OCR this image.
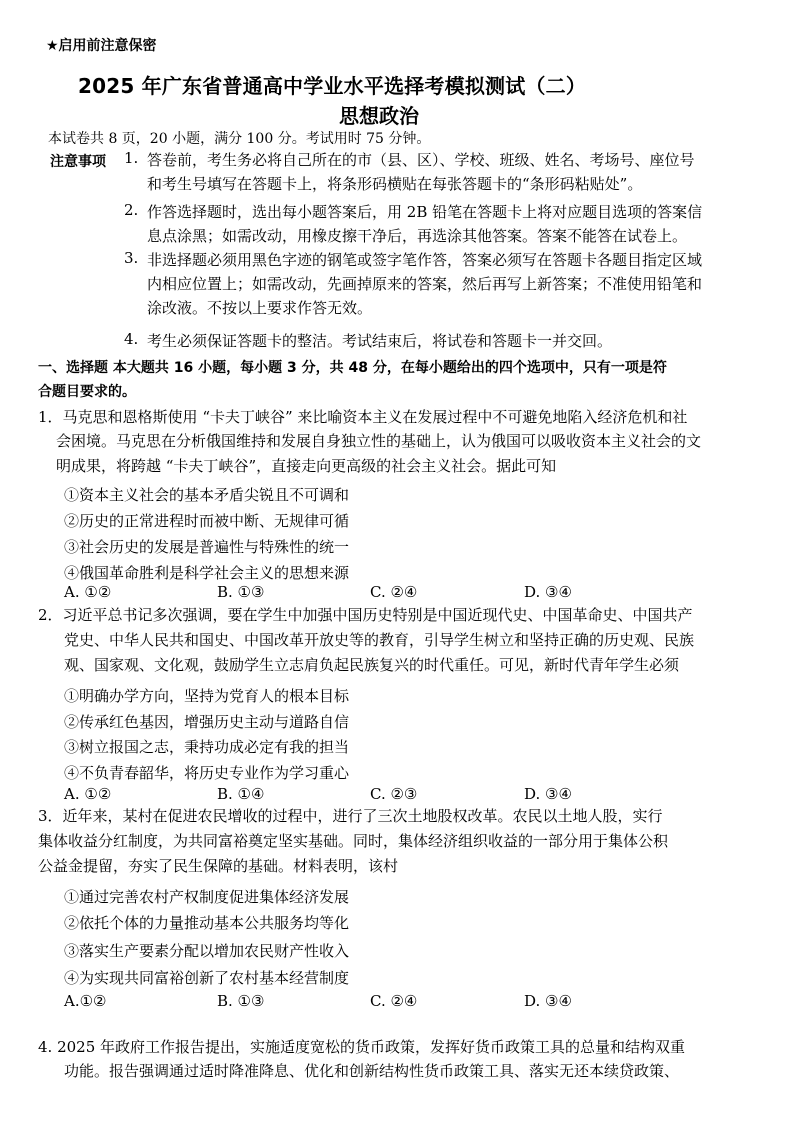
★启用前注意保密
2025 年广东省普通高中学业水平选择考模拟测试（二）
思想政治
本试卷共 8 页，20 小题，满分 100 分。考试用时 75 分钟。
注意事项 1. 答卷前，考生务必将自己所在的市（县、区）、学校、班级、姓名、考场号、座位号
和考生号填写在答题卡上，将条形码横贴在每张答题卡的“条形码粘贴处”。
2. 作答选择题时，选出每小题答案后，用 2B 铅笔在答题卡上将对应题目选项的答案信
息点涂黑；如需改动，用橡皮擦干净后，再选涂其他答案。答案不能答在试卷上。
3. 非选择题必须用黑色字迹的钢笔或签字笔作答，答案必须写在答题卡各题目指定区域
内相应位置上；如需改动，先画掉原来的答案，然后再写上新答案；不准使用铅笔和
涂改液。不按以上要求作答无效。
4. 考生必须保证答题卡的整洁。考试结束后，将试卷和答题卡一并交回。
一、选择题 本大题共 16 小题，每小题 3 分，共 48 分，在每小题给出的四个选项中，只有一项是符
合题目要求的。
1．马克思和恩格斯使用 “卡夫丁峡谷” 来比喻资本主义在发展过程中不可避免地陷入经济危机和社
会困境。马克思在分析俄国维持和发展自身独立性的基础上，认为俄国可以吸收资本主义社会的文
明成果，将跨越 “卡夫丁峡谷”，直接走向更高级的社会主义社会。据此可知
①资本主义社会的基本矛盾尖锐且不可调和
②历史的正常进程时而被中断、无规律可循
③社会历史的发展是普遍性与特殊性的统一
④俄国革命胜利是科学社会主义的思想来源
A. ①②	B. ①③	C. ②④	D. ③④
2．习近平总书记多次强调，要在学生中加强中国历史特别是中国近现代史、中国革命史、中国共产
党史、中华人民共和国史、中国改革开放史等的教育，引导学生树立和坚持正确的历史观、民族
观、国家观、文化观，鼓励学生立志肩负起民族复兴的时代重任。可见，新时代青年学生必须
①明确办学方向，坚持为党育人的根本目标
②传承红色基因，增强历史主动与道路自信
③树立报国之志，秉持功成必定有我的担当
④不负青春韶华，将历史专业作为学习重心
A. ①②	B. ①④	C. ②③	D. ③④
3．近年来，某村在促进农民增收的过程中，进行了三次土地股权改革。农民以土地人股，实行
集体收益分红制度，为共同富裕奠定坚实基础。同时，集体经济组织收益的一部分用于集体公积
公益金提留，夯实了民生保障的基础。材料表明，该村
①通过完善农村产权制度促进集体经济发展
②依托个体的力量推动基本公共服务均等化
③落实生产要素分配以增加农民财产性收入
④为实现共同富裕创新了农村基本经营制度
A.①②	B. ①③	C. ②④	D. ③④
4. 2025 年政府工作报告提出，实施适度宽松的货币政策，发挥好货币政策工具的总量和结构双重
功能。报告强调通过适时降准降息、优化和创新结构性货币政策工具、落实无还本续贷政策、
